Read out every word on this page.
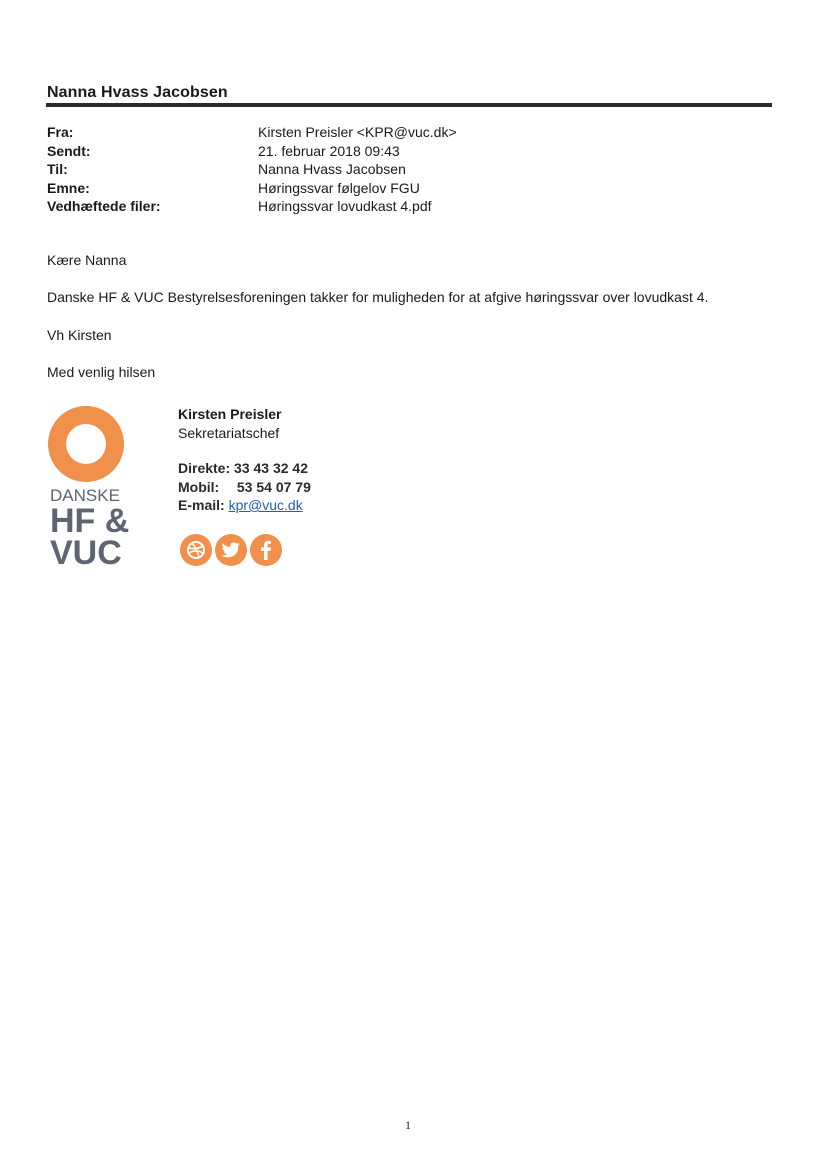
Nanna Hvass Jacobsen
Fra:	Kirsten Preisler <KPR@vuc.dk>
Sendt:	21. februar 2018 09:43
Til:	Nanna Hvass Jacobsen
Emne:	Høringssvar følgelov FGU
Vedhæftede filer:	Høringssvar lovudkast 4.pdf
Kære Nanna
Danske HF & VUC Bestyrelsesforeningen takker for muligheden for at afgive høringssvar over lovudkast 4.
Vh Kirsten
Med venlig hilsen
DANSKE
HF &
VUC
Kirsten Preisler
Sekretariatschef
Direkte: 33 43 32 42
Mobil: 53 54 07 79
E-mail: kpr@vuc.dk
1
